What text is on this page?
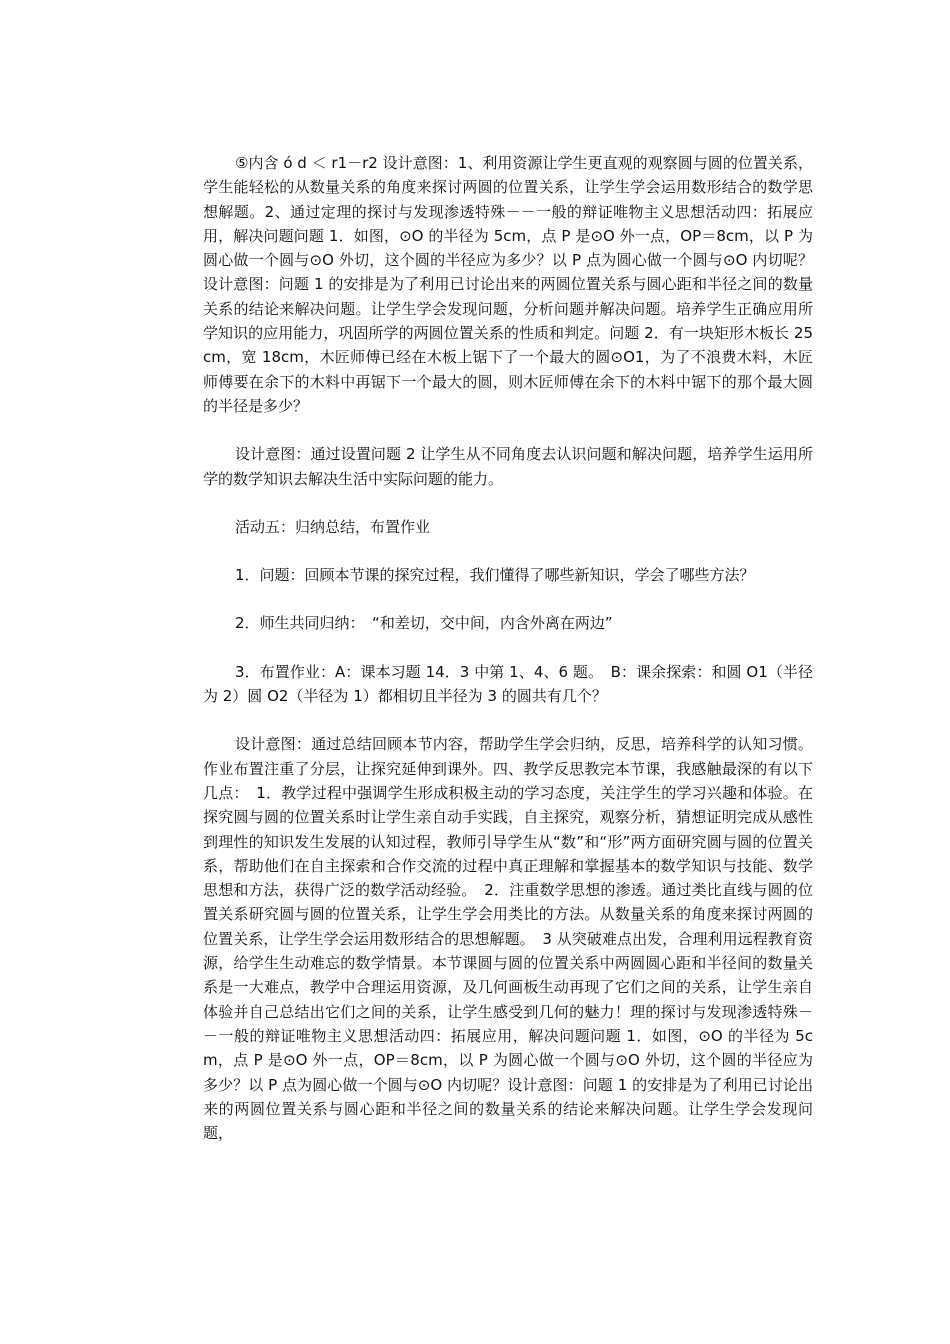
⑤内含 ó d ＜ r1－r2 设计意图：1、利用资源让学生更直观的观察圆与圆的位置关系，学生能轻松的从数量关系的角度来探讨两圆的位置关系，让学生学会运用数形结合的数学思想解题。2、通过定理的探讨与发现渗透特殊－－一般的辩证唯物主义思想活动四：拓展应用，解决问题问题 1．如图，⊙O 的半径为 5cm，点 P 是⊙O 外一点，OP＝8cm，以 P 为圆心做一个圆与⊙O 外切，这个圆的半径应为多少？以 P 点为圆心做一个圆与⊙O 内切呢？设计意图：问题 1 的安排是为了利用已讨论出来的两圆位置关系与圆心距和半径之间的数量关系的结论来解决问题。让学生学会发现问题，分析问题并解决问题。培养学生正确应用所学知识的应用能力，巩固所学的两圆位置关系的性质和判定。问题 2．有一块矩形木板长 25cm，宽 18cm，木匠师傅已经在木板上锯下了一个最大的圆⊙O1，为了不浪费木料，木匠师傅要在余下的木料中再锯下一个最大的圆，则木匠师傅在余下的木料中锯下的那个最大圆的半径是多少？

设计意图：通过设置问题 2 让学生从不同角度去认识问题和解决问题，培养学生运用所学的数学知识去解决生活中实际问题的能力。

活动五：归纳总结，布置作业

1．问题：回顾本节课的探究过程，我们懂得了哪些新知识，学会了哪些方法？

2．师生共同归纳：　“和差切，交中间，内含外离在两边”

3．布置作业：A：课本习题 14．3 中第 1、4、6 题。　B：课余探索：和圆 O1（半径为 2）圆 O2（半径为 1）都相切且半径为 3 的圆共有几个？

设计意图：通过总结回顾本节内容，帮助学生学会归纳，反思，培养科学的认知习惯。作业布置注重了分层，让探究延伸到课外。四、教学反思教完本节课，我感触最深的有以下几点：　1．教学过程中强调学生形成积极主动的学习态度，关注学生的学习兴趣和体验。在探究圆与圆的位置关系时让学生亲自动手实践，自主探究，观察分析，猜想证明完成从感性到理性的知识发生发展的认知过程，教师引导学生从“数”和“形”两方面研究圆与圆的位置关系，帮助他们在自主探索和合作交流的过程中真正理解和掌握基本的数学知识与技能、数学思想和方法，获得广泛的数学活动经验。　2．注重数学思想的渗透。通过类比直线与圆的位置关系研究圆与圆的位置关系，让学生学会用类比的方法。从数量关系的角度来探讨两圆的位置关系，让学生学会运用数形结合的思想解题。　3 从突破难点出发，合理利用远程教育资源，给学生生动难忘的数学情景。本节课圆与圆的位置关系中两圆圆心距和半径间的数量关系是一大难点，教学中合理运用资源，及几何画板生动再现了它们之间的关系，让学生亲自体验并自己总结出它们之间的关系，让学生感受到几何的魅力！理的探讨与发现渗透特殊－－一般的辩证唯物主义思想活动四：拓展应用，解决问题问题 1．如图，⊙O 的半径为 5cm，点 P 是⊙O 外一点，OP＝8cm，以 P 为圆心做一个圆与⊙O 外切，这个圆的半径应为多少？以 P 点为圆心做一个圆与⊙O 内切呢？设计意图：问题 1 的安排是为了利用已讨论出来的两圆位置关系与圆心距和半径之间的数量关系的结论来解决问题。让学生学会发现问题，
